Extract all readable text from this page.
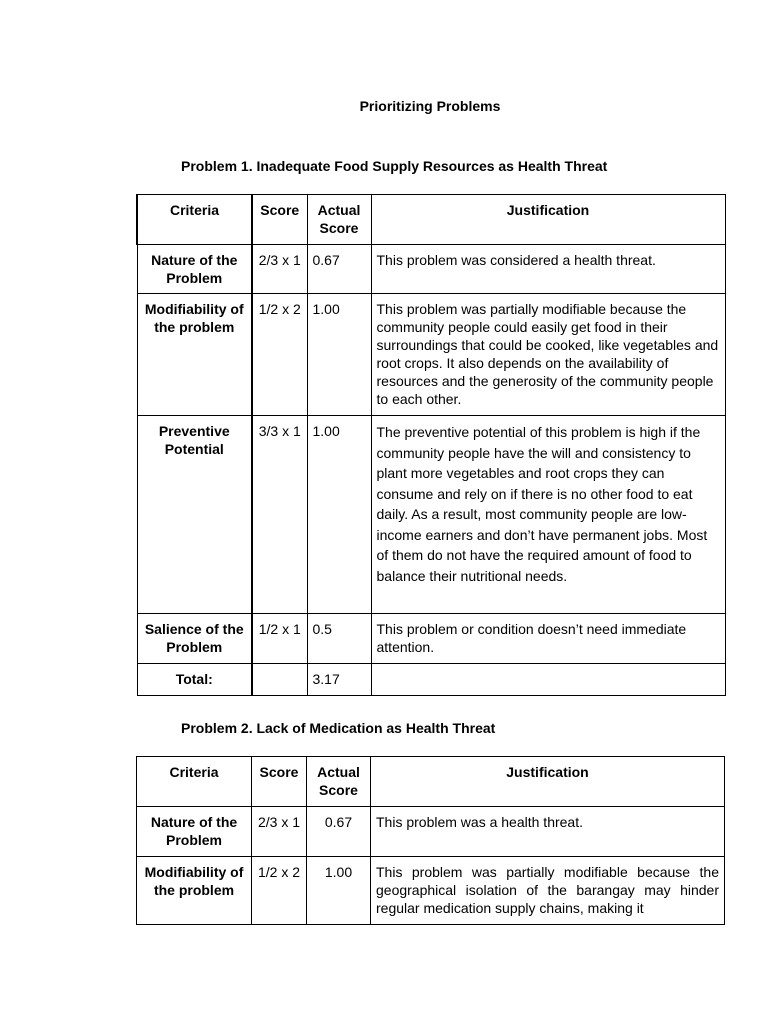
Prioritizing Problems
Problem 1. Inadequate Food Supply Resources as Health Threat
Criteria	Score	Actual Score	Justification
Nature of the Problem	2/3 x 1	0.67	This problem was considered a health threat.
Modifiability of the problem	1/2 x 2	1.00	This problem was partially modifiable because the community people could easily get food in their surroundings that could be cooked, like vegetables and root crops. It also depends on the availability of resources and the generosity of the community people to each other.
Preventive Potential	3/3 x 1	1.00	The preventive potential of this problem is high if the community people have the will and consistency to plant more vegetables and root crops they can consume and rely on if there is no other food to eat daily. As a result, most community people are low-income earners and don’t have permanent jobs. Most of them do not have the required amount of food to balance their nutritional needs.
Salience of the Problem	1/2 x 1	0.5	This problem or condition doesn’t need immediate attention.
Total:		3.17	
Problem 2. Lack of Medication as Health Threat
Criteria	Score	Actual Score	Justification
Nature of the Problem	2/3 x 1	0.67	This problem was a health threat.
Modifiability of the problem	1/2 x 2	1.00	This problem was partially modifiable because the geographical isolation of the barangay may hinder regular medication supply chains, making it
